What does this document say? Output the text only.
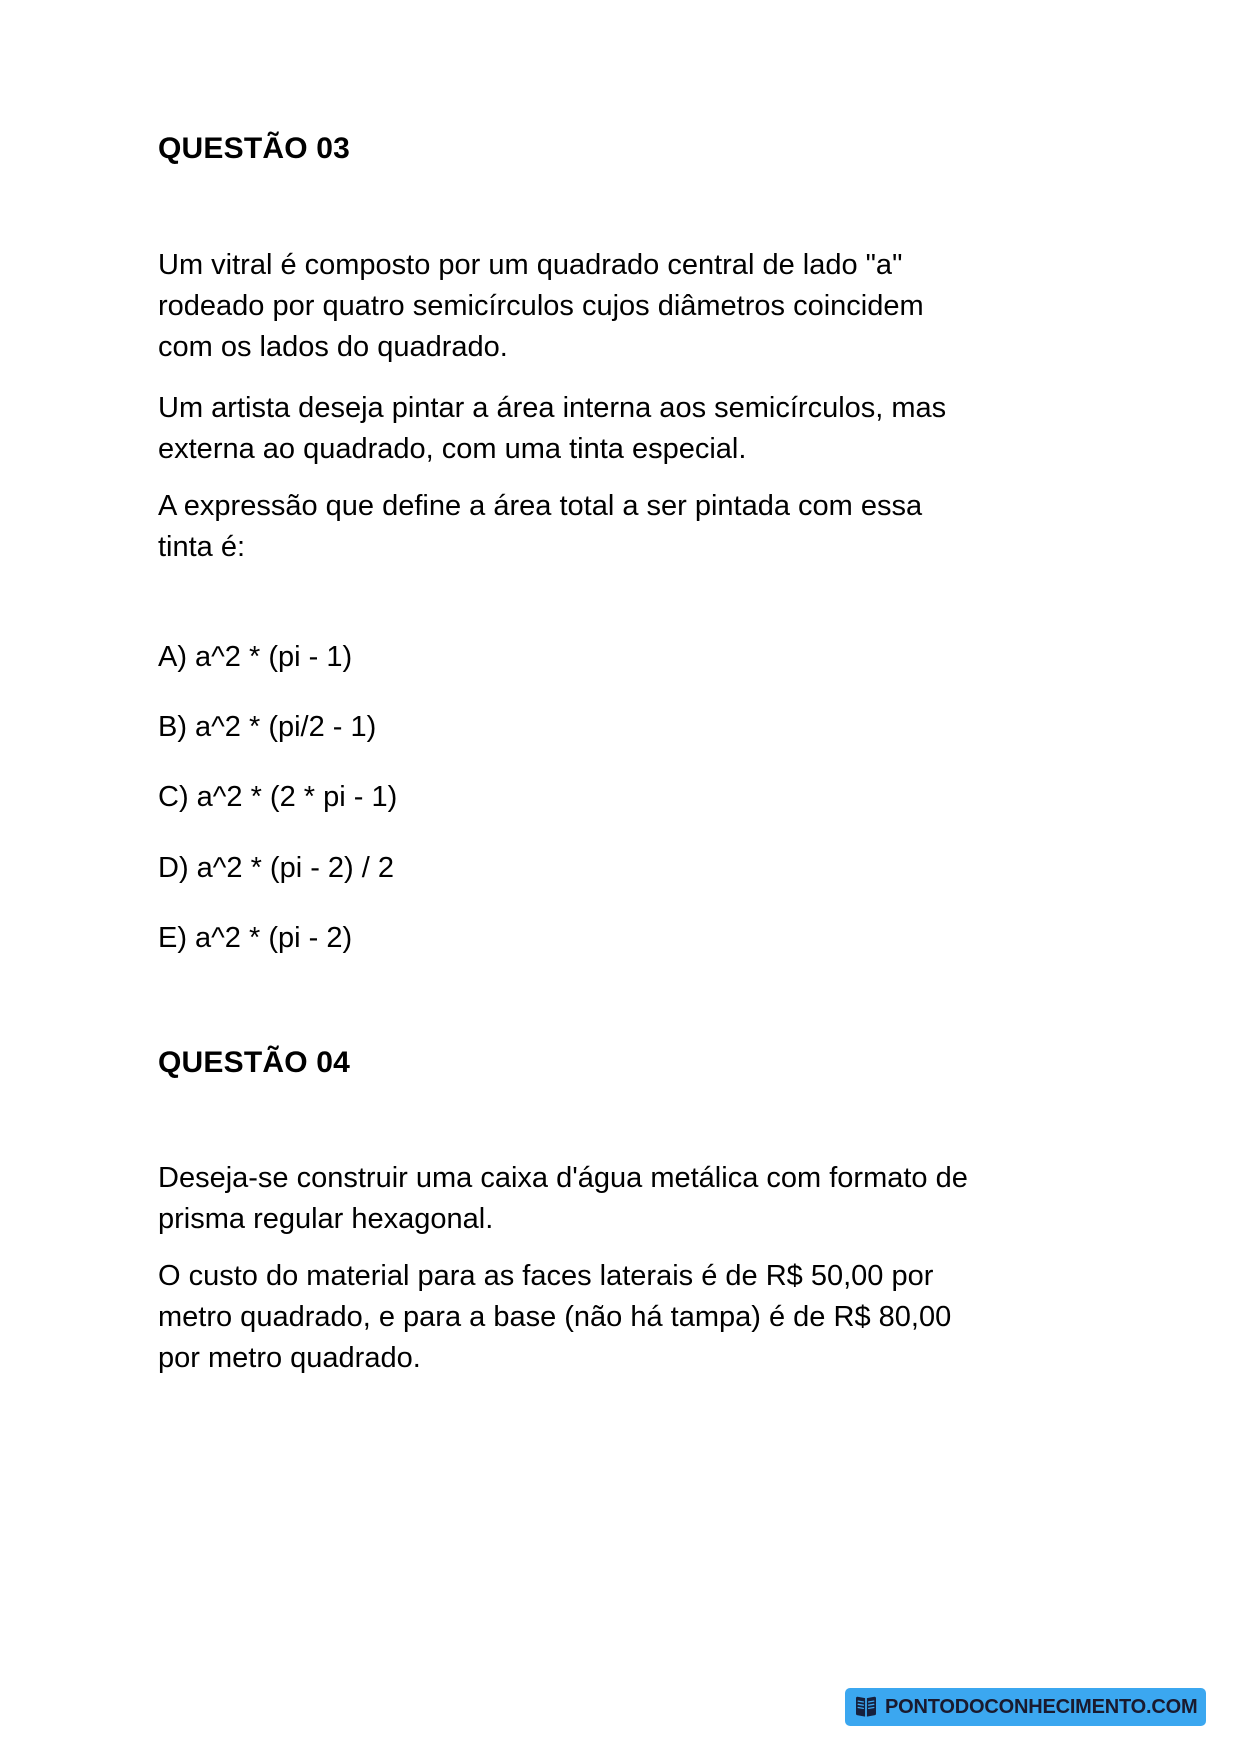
QUESTÃO 03
Um vitral é composto por um quadrado central de lado "a" rodeado por quatro semicírculos cujos diâmetros coincidem com os lados do quadrado.
Um artista deseja pintar a área interna aos semicírculos, mas externa ao quadrado, com uma tinta especial.
A expressão que define a área total a ser pintada com essa tinta é:
A) a^2 * (pi - 1)
B) a^2 * (pi/2 - 1)
C) a^2 * (2 * pi - 1)
D) a^2 * (pi - 2) / 2
E) a^2 * (pi - 2)
QUESTÃO 04
Deseja-se construir uma caixa d'água metálica com formato de prisma regular hexagonal.
O custo do material para as faces laterais é de R$ 50,00 por metro quadrado, e para a base (não há tampa) é de R$ 80,00 por metro quadrado.
PONTODOCONHECIMENTO.COM
